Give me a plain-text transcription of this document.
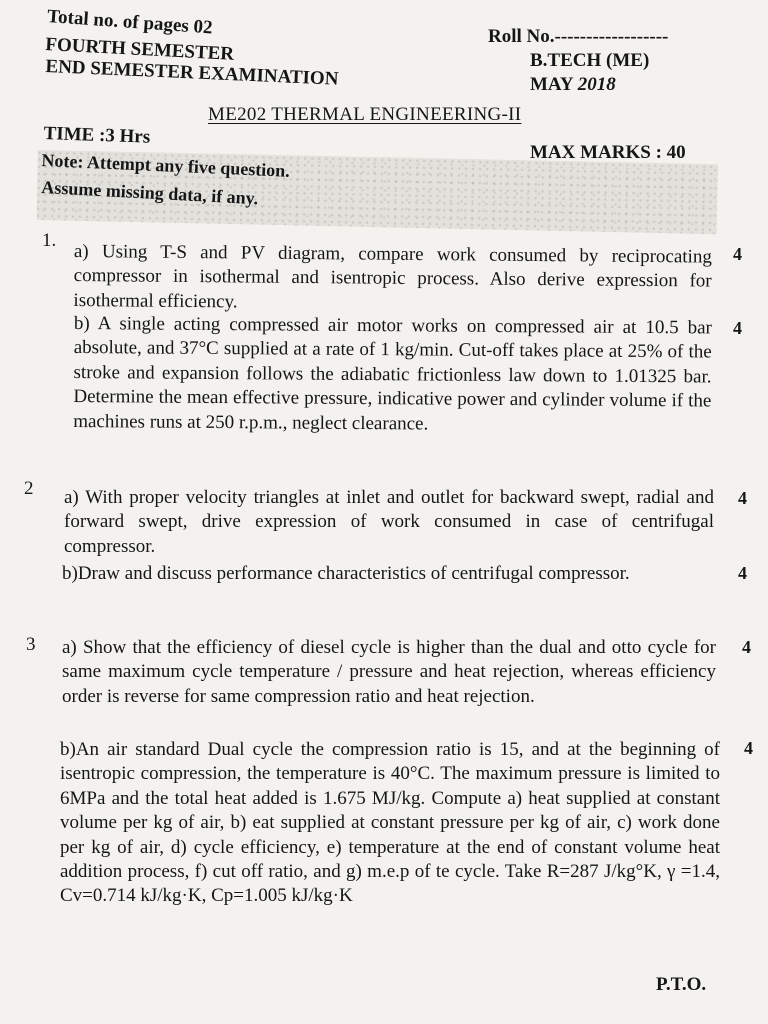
Total no. of pages 02
FOURTH SEMESTER
END SEMESTER EXAMINATION
Roll No.------------------
B.TECH (ME)
MAY 2018
ME202 THERMAL ENGINEERING-II
TIME :3 Hrs
MAX MARKS : 40
Note: Attempt any five question.
Assume missing data, if any.
1.
a) Using T-S and PV diagram, compare work consumed by reciprocating compressor in isothermal and isentropic process. Also derive expression for isothermal efficiency.
4
b) A single acting compressed air motor works on compressed air at 10.5 bar absolute, and 37°C supplied at a rate of 1 kg/min. Cut-off takes place at 25% of the stroke and expansion follows the adiabatic frictionless law down to 1.01325 bar. Determine the mean effective pressure, indicative power and cylinder volume if the machines runs at 250 r.p.m., neglect clearance.
4
2 a) With proper velocity triangles at inlet and outlet for backward swept, radial and forward swept, drive expression of work consumed in case of centrifugal compressor.
4
b)Draw and discuss performance characteristics of centrifugal compressor.	4
3 a) Show that the efficiency of diesel cycle is higher than the dual and otto cycle for same maximum cycle temperature / pressure and heat rejection, whereas efficiency order is reverse for same compression ratio and heat rejection.
4
b)An air standard Dual cycle the compression ratio is 15, and at the beginning of isentropic compression, the temperature is 40°C. The maximum pressure is limited to 6MPa and the total heat added is 1.675 MJ/kg. Compute a) heat supplied at constant volume per kg of air, b) eat supplied at constant pressure per kg of air, c) work done per kg of air, d) cycle efficiency, e) temperature at the end of constant volume heat addition process, f) cut off ratio, and g) m.e.p of te cycle. Take R=287 J/kg°K, γ =1.4, Cv=0.714 kJ/kg·K, Cp=1.005 kJ/kg·K
4
P.T.O.
